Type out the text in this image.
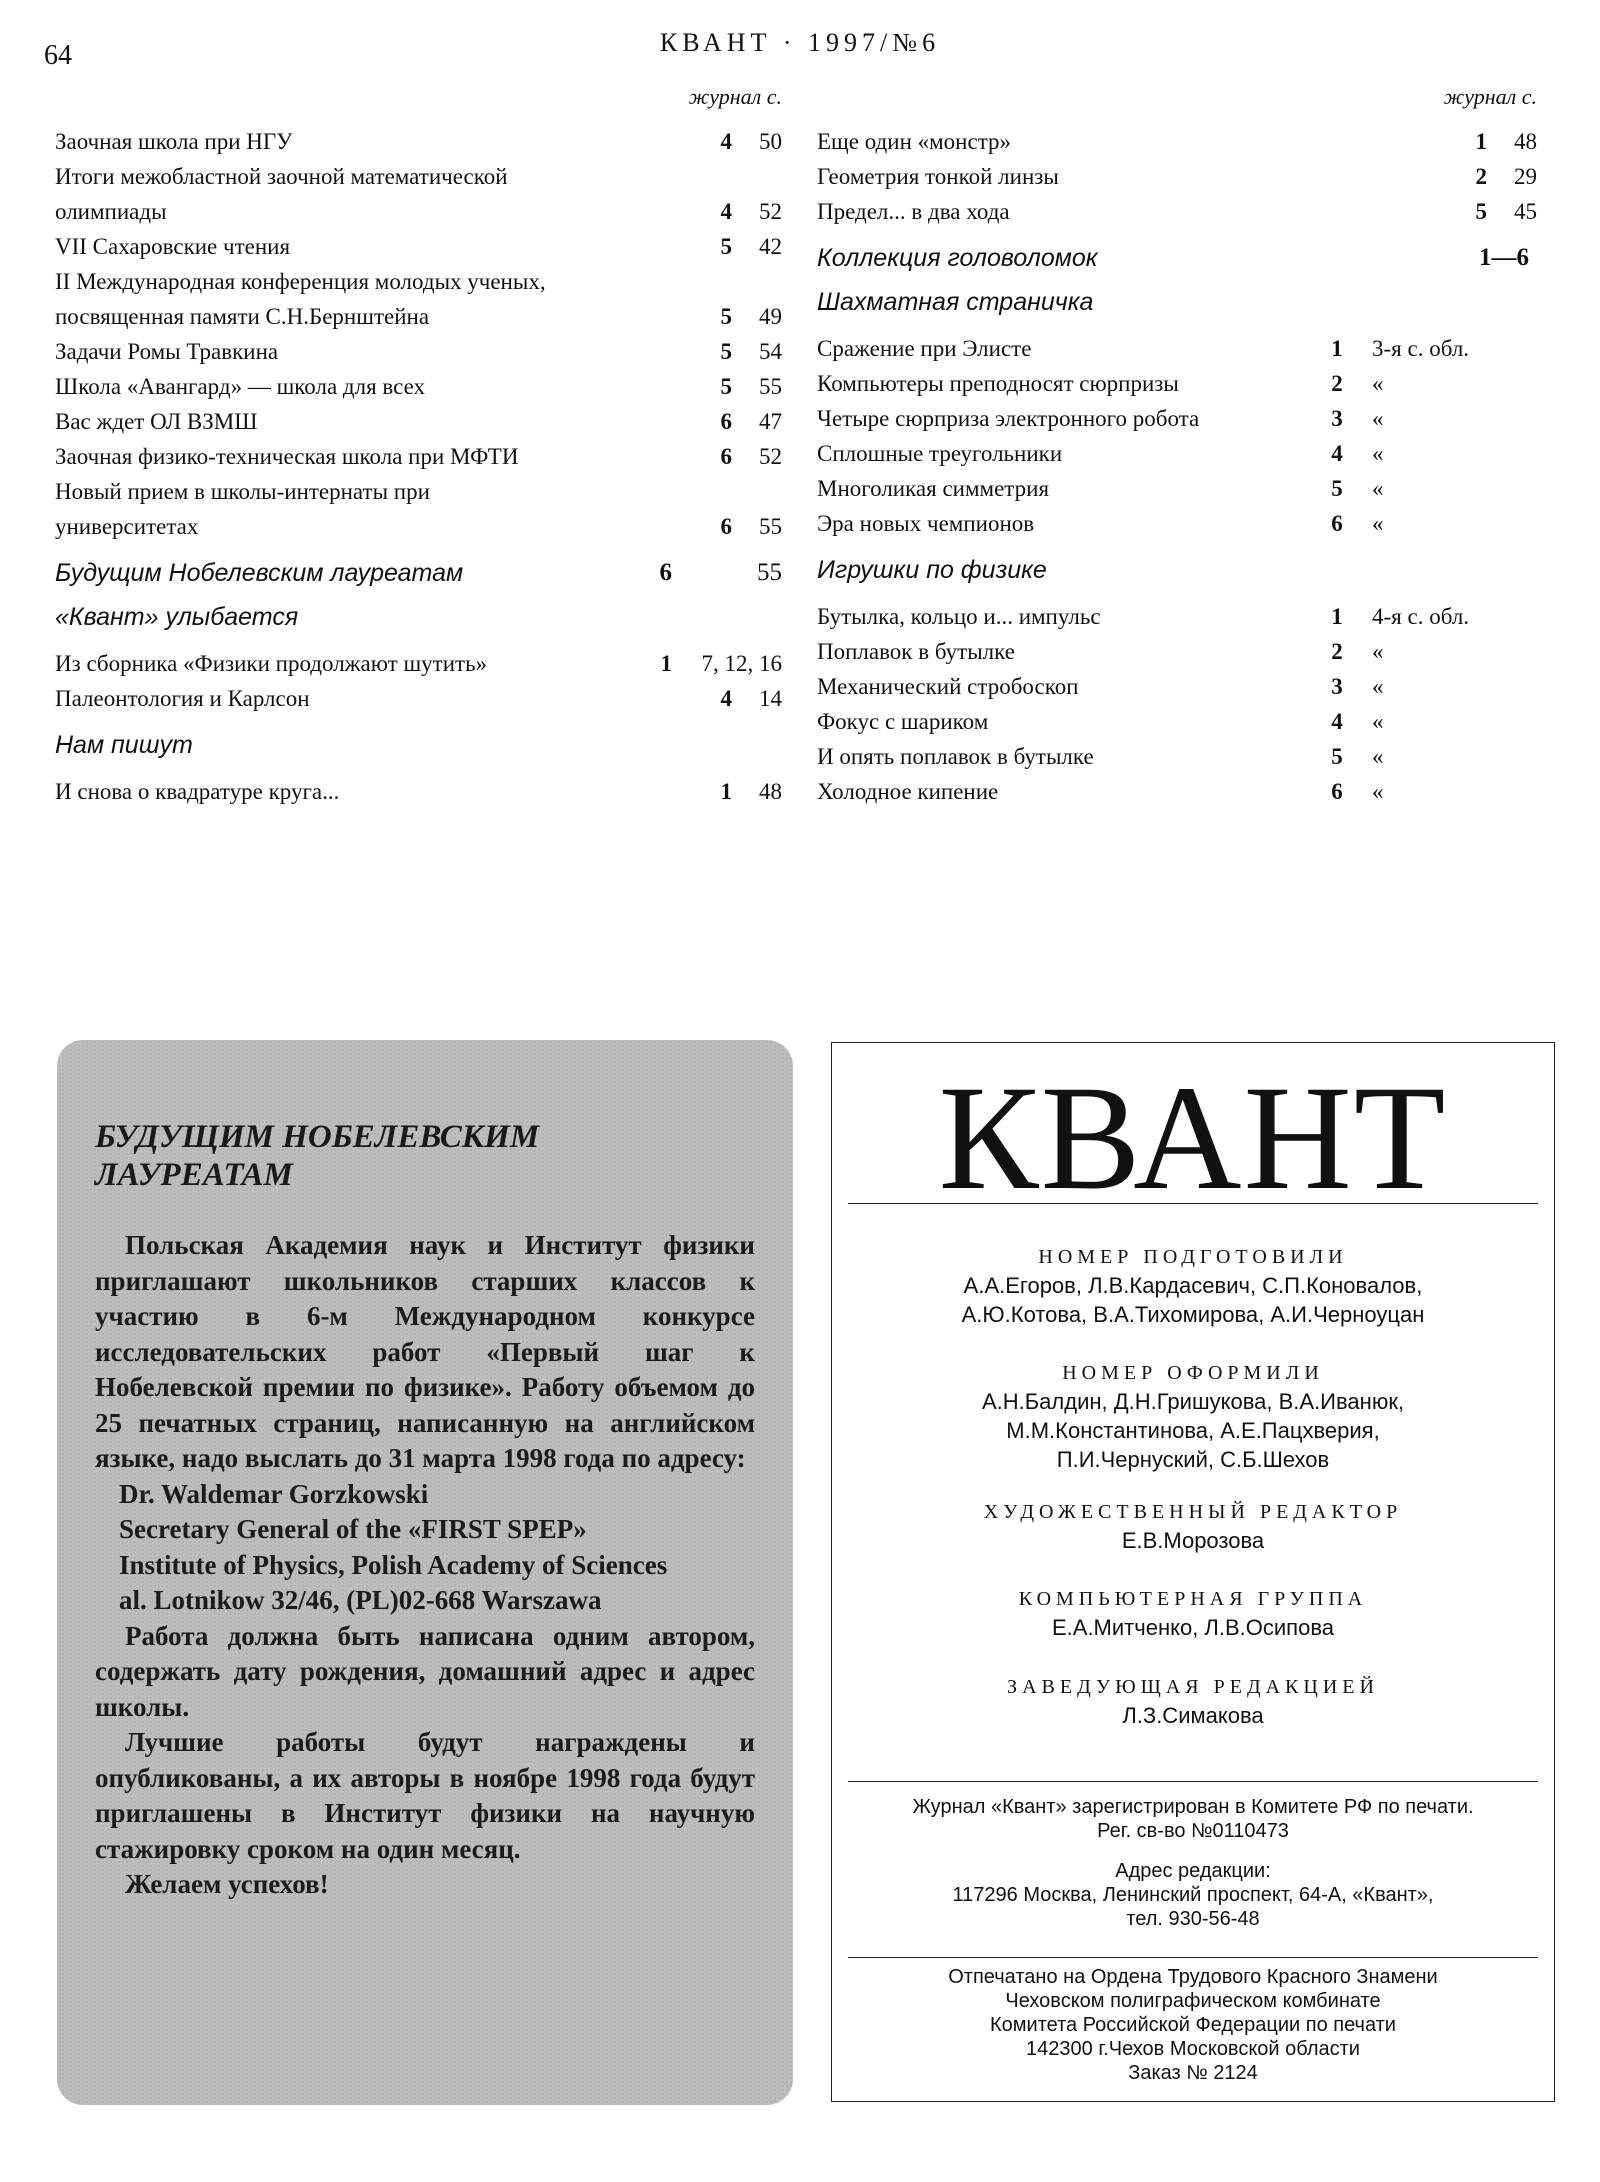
64	КВАНТ · 1997/№6
журнал с.
Заочная школа при НГУ	4	50
Итоги межобластной заочной математической
олимпиады	4	52
VII Сахаровские чтения	5	42
II Международная конференция молодых ученых,
посвященная памяти С.Н.Бернштейна	5	49
Задачи Ромы Травкина	5	54
Школа «Авангард» — школа для всех	5	55
Вас ждет ОЛ ВЗМШ	6	47
Заочная физико-техническая школа при МФТИ	6	52
Новый прием в школы-интернаты при
университетах	6	55
Будущим Нобелевским лауреатам	6	55
«Квант» улыбается
Из сборника «Физики продолжают шутить»	1	7, 12, 16
Палеонтология и Карлсон	4	14
Нам пишут
И снова о квадратуре круга...	1	48
журнал с.
Еще один «монстр»	1	48
Геометрия тонкой линзы	2	29
Предел... в два хода	5	45
Коллекция головоломок	1—6
Шахматная страничка
Сражение при Элисте	1	3-я с. обл.
Компьютеры преподносят сюрпризы	2	«
Четыре сюрприза электронного робота	3	«
Сплошные треугольники	4	«
Многоликая симметрия	5	«
Эра новых чемпионов	6	«
Игрушки по физике
Бутылка, кольцо и... импульс	1	4-я с. обл.
Поплавок в бутылке	2	«
Механический стробоскоп	3	«
Фокус с шариком	4	«
И опять поплавок в бутылке	5	«
Холодное кипение	6	«
БУДУЩИМ НОБЕЛЕВСКИМ
ЛАУРЕАТАМ

Польская Академия наук и Институт физики приглашают школьников старших классов к участию в 6-м Международном конкурсе исследовательских работ «Первый шаг к Нобелевской премии по физике». Работу объемом до 25 печатных страниц, написанную на английском языке, надо выслать до 31 марта 1998 года по адресу:

Dr. Waldemar Gorzkowski

Secretary General of the «FIRST SPEP»

Institute of Physics, Polish Academy of Sciences

al. Lotnikow 32/46, (PL)02-668 Warszawa

Работа должна быть написана одним автором, содержать дату рождения, домашний адрес и адрес школы.

Лучшие работы будут награждены и опубликованы, а их авторы в ноябре 1998 года будут приглашены в Институт физики на научную стажировку сроком на один месяц.

Желаем успехов!

КВАНТ
НОМЕР ПОДГОТОВИЛИ
А.А.Егоров, Л.В.Кардасевич, С.П.Коновалов,
А.Ю.Котова, В.А.Тихомирова, А.И.Черноуцан
НОМЕР ОФОРМИЛИ
А.Н.Балдин, Д.Н.Гришукова, В.А.Иванюк,
М.М.Константинова, А.Е.Пацхверия,
П.И.Чернуский, С.Б.Шехов
ХУДОЖЕСТВЕННЫЙ РЕДАКТОР
Е.В.Морозова
КОМПЬЮТЕРНАЯ ГРУППА
Е.А.Митченко, Л.В.Осипова
ЗАВЕДУЮЩАЯ РЕДАКЦИЕЙ
Л.З.Симакова
Журнал «Квант» зарегистрирован в Комитете РФ по печати.
Рег. св-во №0110473
Адрес редакции:
117296 Москва, Ленинский проспект, 64-А, «Квант»,
тел. 930-56-48
Отпечатано на Ордена Трудового Красного Знамени
Чеховском полиграфическом комбинате
Комитета Российской Федерации по печати
142300 г.Чехов Московской области
Заказ № 2124
